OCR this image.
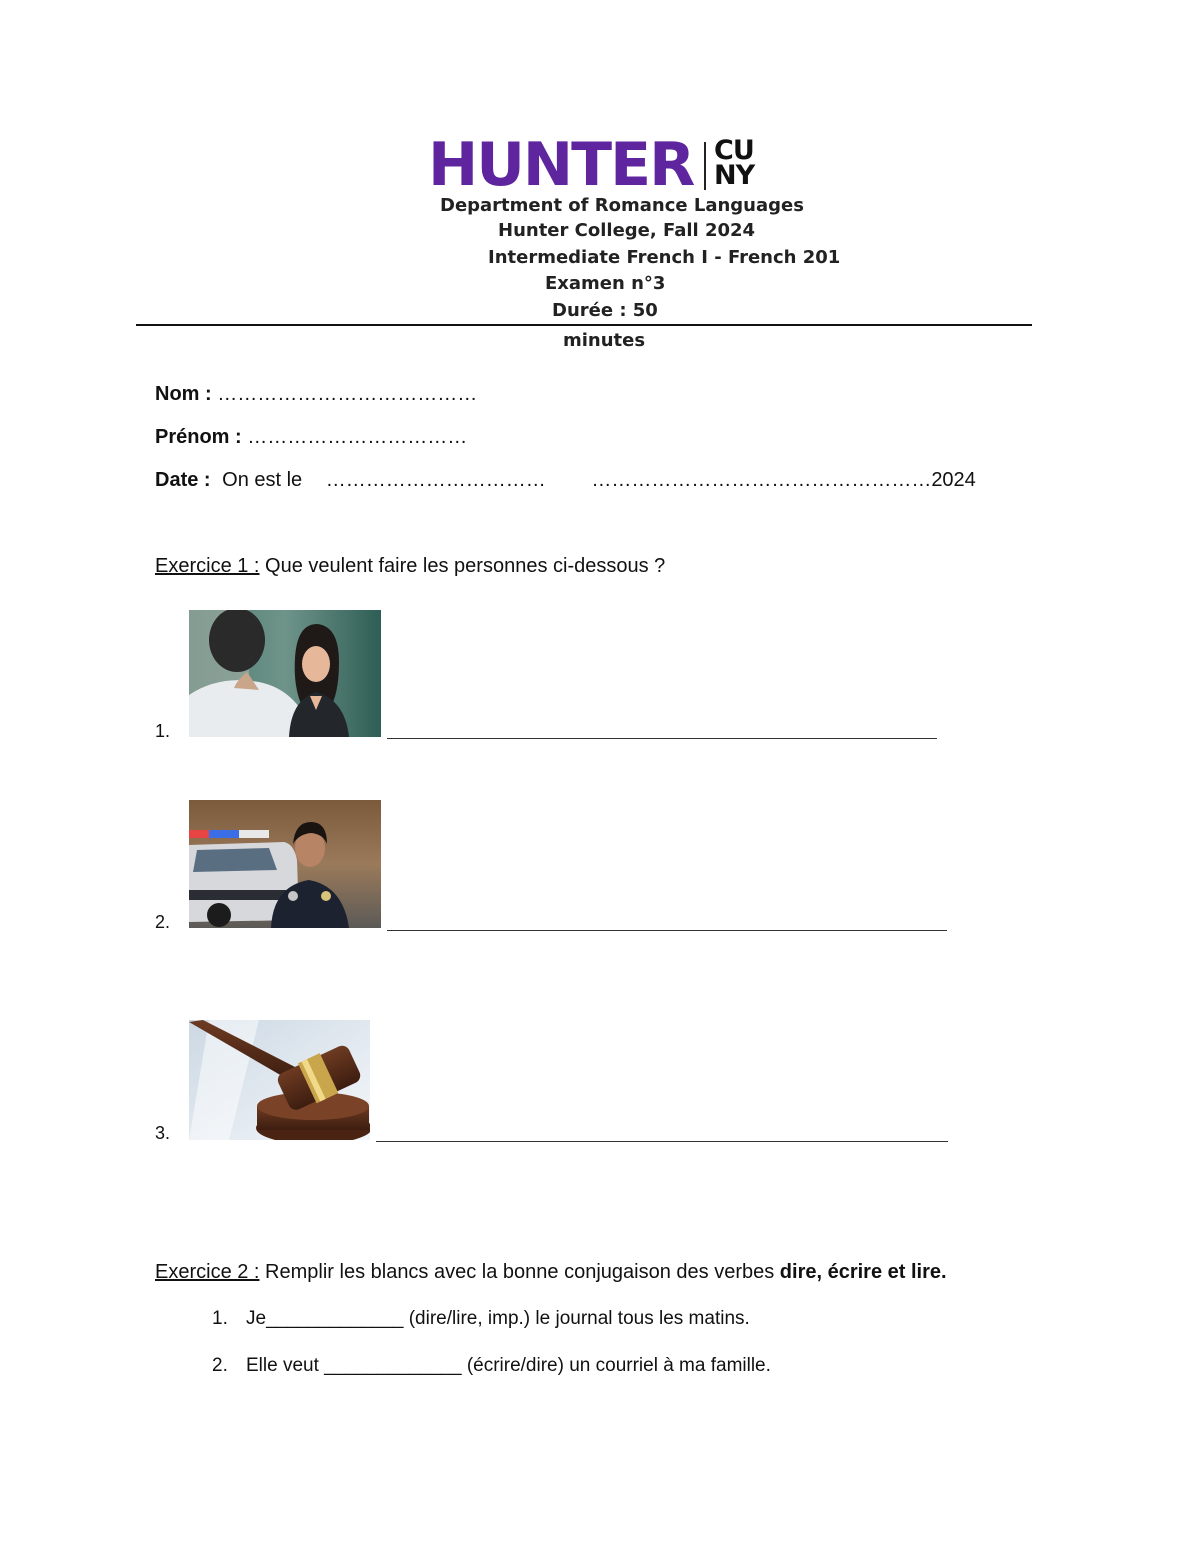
HUNTER CU
NY
Department of Romance Languages
Hunter College, Fall 2024
Intermediate French I - French 201
Examen n°3
Durée : 50
minutes
Nom : …………………………………
Prénom : ……………………………
Date : On est le …………………………… ……………………………………………2024
Exercice 1 : Que veulent faire les personnes ci-dessous ?
1.
2.
3.
Exercice 2 : Remplir les blancs avec la bonne conjugaison des verbes dire, écrire et lire.
1. Je_____________ (dire/lire, imp.) le journal tous les matins.
2. Elle veut _____________ (écrire/dire) un courriel à ma famille.
